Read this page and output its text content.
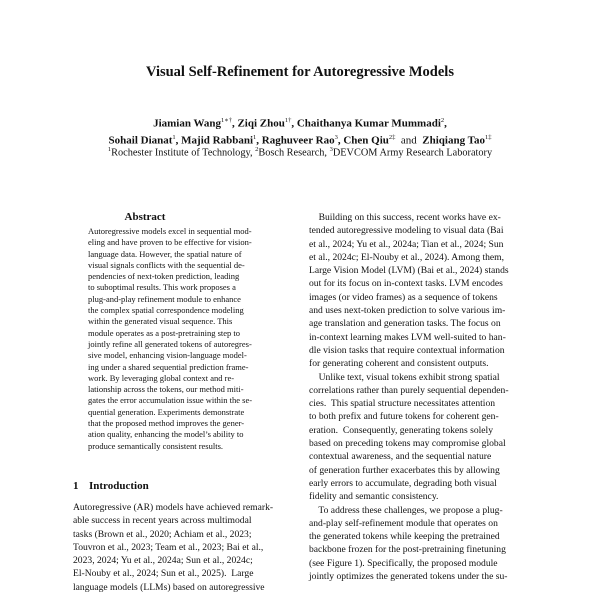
Visual Self-Refinement for Autoregressive Models
Jiamian Wang$^{1∗\dagger}$, Ziqi Zhou$^{1\dagger}$, Chaithanya Kumar Mummadi$^2$,
Sohail Dianat$^1$, Majid Rabbani$^1$, Raghuveer Rao$^3$, Chen Qiu$^{2\ddagger}$ and Zhiqiang Tao$^{1\ddagger}$
$^1$Rochester Institute of Technology, $^2$Bosch Research, $^3$DEVCOM Army Research Laboratory
Abstract
Autoregressive models excel in sequential mod-
eling and have proven to be effective for vision-
language data. However, the spatial nature of
visual signals conflicts with the sequential de-
pendencies of next-token prediction, leading
to suboptimal results. This work proposes a
plug-and-play refinement module to enhance
the complex spatial correspondence modeling
within the generated visual sequence. This
module operates as a post-pretraining step to
jointly refine all generated tokens of autoregres-
sive model, enhancing vision-language model-
ing under a shared sequential prediction frame-
work. By leveraging global context and re-
lationship across the tokens, our method miti-
gates the error accumulation issue within the se-
quential generation. Experiments demonstrate
that the proposed method improves the gener-
ation quality, enhancing the model’s ability to
produce semantically consistent results.
1 Introduction
Autoregressive (AR) models have achieved remark-
able success in recent years across multimodal
tasks (Brown et al., 2020; Achiam et al., 2023;
Touvron et al., 2023; Team et al., 2023; Bai et al.,
2023, 2024; Yu et al., 2024a; Sun et al., 2024c;
El-Nouby et al., 2024; Sun et al., 2025).  Large
language models (LLMs) based on autoregressive
Building on this success, recent works have ex-
tended autoregressive modeling to visual data (Bai
et al., 2024; Yu et al., 2024a; Tian et al., 2024; Sun
et al., 2024c; El-Nouby et al., 2024). Among them,
Large Vision Model (LVM) (Bai et al., 2024) stands
out for its focus on in-context tasks. LVM encodes
images (or video frames) as a sequence of tokens
and uses next-token prediction to solve various im-
age translation and generation tasks. The focus on
in-context learning makes LVM well-suited to han-
dle vision tasks that require contextual information
for generating coherent and consistent outputs.
Unlike text, visual tokens exhibit strong spatial
correlations rather than purely sequential dependen-
cies.  This spatial structure necessitates attention
to both prefix and future tokens for coherent gen-
eration.  Consequently, generating tokens solely
based on preceding tokens may compromise global
contextual awareness, and the sequential nature
of generation further exacerbates this by allowing
early errors to accumulate, degrading both visual
fidelity and semantic consistency.
To address these challenges, we propose a plug-
and-play self-refinement module that operates on
the generated tokens while keeping the pretrained
backbone frozen for the post-pretraining finetuning
(see Figure 1). Specifically, the proposed module
jointly optimizes the generated tokens under the su-
